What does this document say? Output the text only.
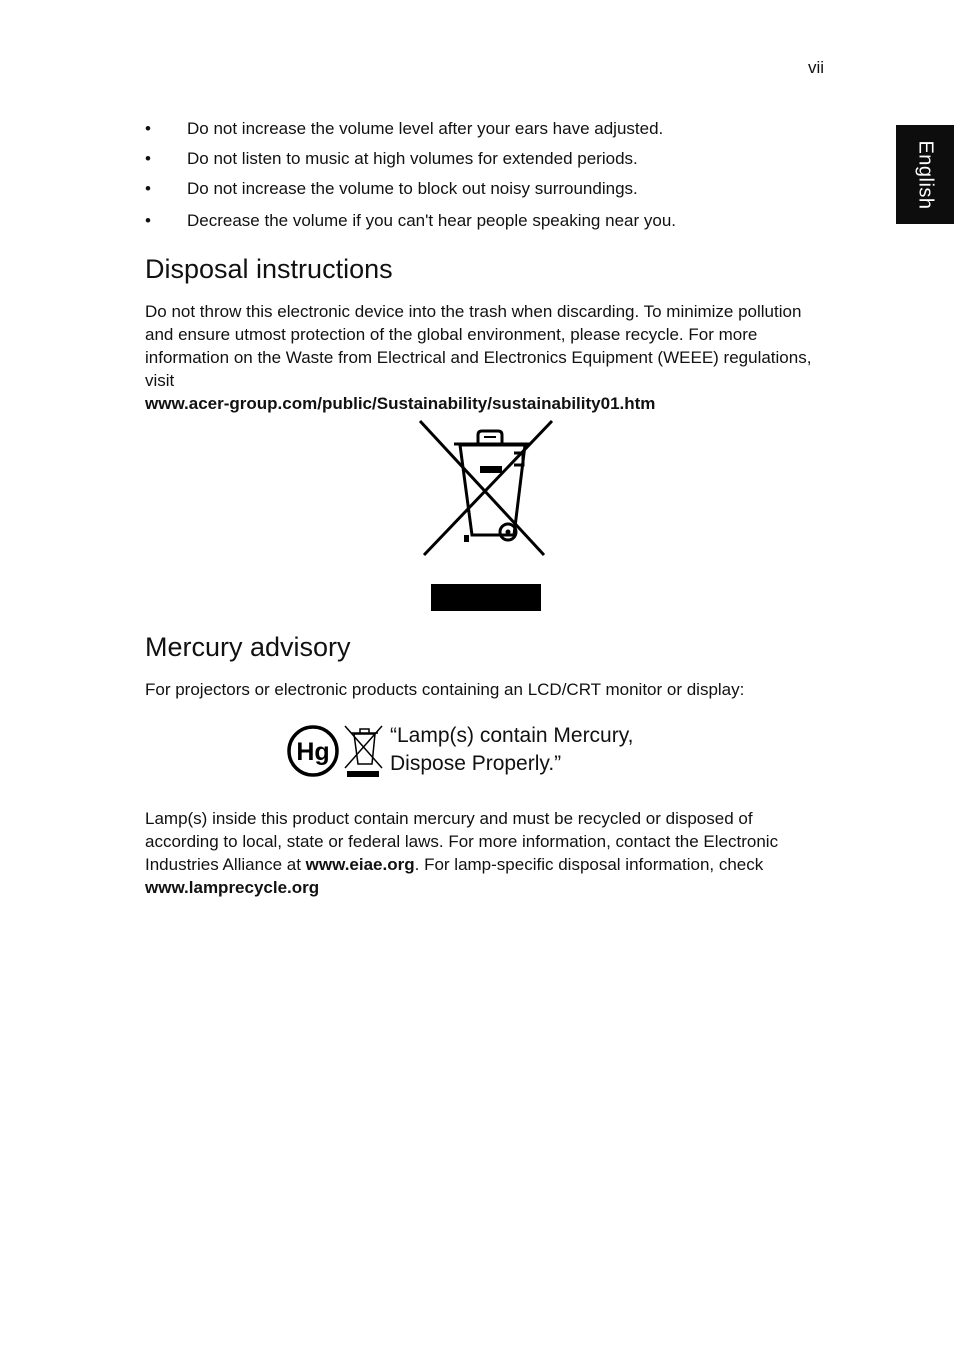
vii
English
• Do not increase the volume level after your ears have adjusted.
• Do not listen to music at high volumes for extended periods.
• Do not increase the volume to block out noisy surroundings.
• Decrease the volume if you can't hear people speaking near you.
Disposal instructions

Do not throw this electronic device into the trash when discarding. To minimize pollution and ensure utmost protection of the global environment, please recycle. For more information on the Waste from Electrical and Electronics Equipment (WEEE) regulations, visit
www.acer-group.com/public/Sustainability/sustainability01.htm

Mercury advisory

For projectors or electronic products containing an LCD/CRT monitor or display:

Hg
“Lamp(s) contain Mercury,
Dispose Properly.”

Lamp(s) inside this product contain mercury and must be recycled or disposed of according to local, state or federal laws. For more information, contact the Electronic Industries Alliance at www.eiae.org. For lamp-specific disposal information, check www.lamprecycle.org
